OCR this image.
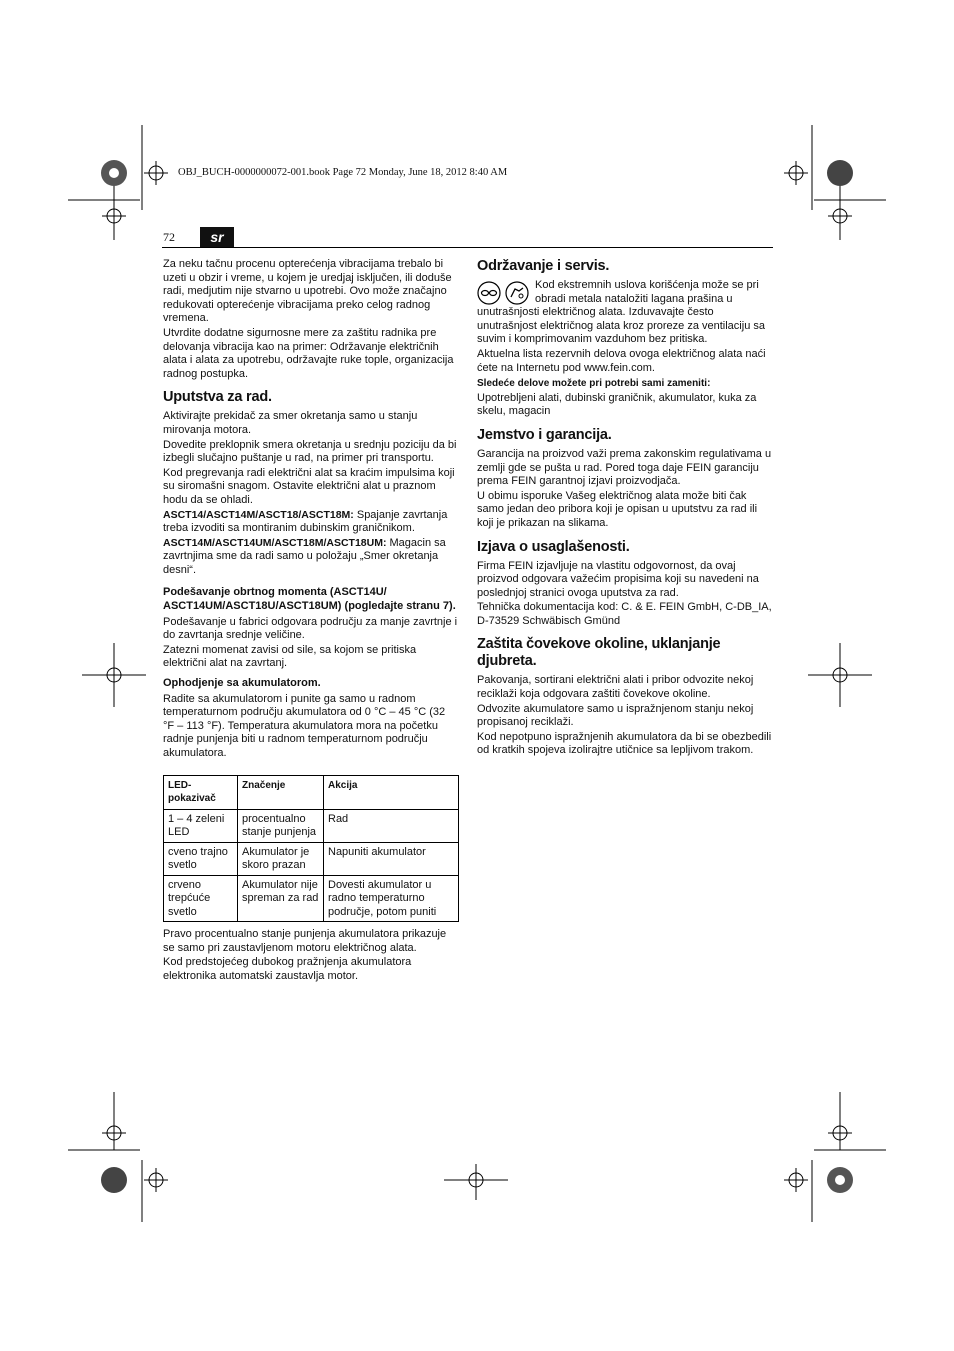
OBJ_BUCH-0000000072-001.book Page 72 Monday, June 18, 2012 8:40 AM
72	sr

Za neku tačnu procenu opterećenja vibracijama trebalo bi uzeti u obzir i vreme, u kojem je uredjaj isključen, ili doduše radi, medjutim nije stvarno u upotrebi. Ovo može značajno redukovati opterećenje vibracijama preko celog radnog vremena.

Utvrdite dodatne sigurnosne mere za zaštitu radnika pre delovanja vibracija kao na primer: Održavanje električnih alata i alata za upotrebu, održavajte ruke tople, organizacija radnog postupka.

Uputstva za rad.

Aktivirajte prekidač za smer okretanja samo u stanju mirovanja motora.

Dovedite preklopnik smera okretanja u srednju poziciju da bi izbegli slučajno puštanje u rad, na primer pri transportu.

Kod pregrevanja radi električni alat sa kraćim impulsima koji su siromašni snagom. Ostavite električni alat u praznom hodu da se ohladi.

ASCT14/ASCT14M/ASCT18/ASCT18M: Spajanje zavrtanja treba izvoditi sa montiranim dubinskim graničnikom.

ASCT14M/ASCT14UM/ASCT18M/ASCT18UM: Magacin sa zavrtnjima sme da radi samo u položaju „Smer okretanja desni“.

Podešavanje obrtnog momenta (ASCT14U/ ASCT14UM/ASCT18U/ASCT18UM) (pogledajte stranu 7).

Podešavanje u fabrici odgovara području za manje zavrtnje i do zavrtanja srednje veličine.

Zatezni momenat zavisi od sile, sa kojom se pritiska električni alat na zavrtanj.

Ophodjenje sa akumulatorom.

Radite sa akumulatorom i punite ga samo u radnom temperaturnom području akumulatora od 0 °C – 45 °C (32 °F – 113 °F). Temperatura akumulatora mora na početku radnje punjenja biti u radnom temperaturnom području akumulatora.

LED-pokazivač	Značenje	Akcija
1 – 4 zeleni LED	procentualno stanje punjenja	Rad
cveno trajno svetlo	Akumulator je skoro prazan	Napuniti akumulator
crveno trepćuće svetlo	Akumulator nije spreman za rad	Dovesti akumulator u radno temperaturno područje, potom puniti

Pravo procentualno stanje punjenja akumulatora prikazuje se samo pri zaustavljenom motoru električnog alata.

Kod predstojećeg dubokog pražnjenja akumulatora elektronika automatski zaustavlja motor.

Održavanje i servis.

Kod ekstremnih uslova korišćenja može se pri obradi metala nataložiti lagana prašina u unutrašnjosti električnog alata. Izduvavajte često unutrašnjost električnog alata kroz proreze za ventilaciju sa suvim i komprimovanim vazduhom bez pritiska.

Aktuelna lista rezervnih delova ovoga električnog alata naći ćete na Internetu pod www.fein.com.

Sledeće delove možete pri potrebi sami zameniti:

Upotrebljeni alati, dubinski graničnik, akumulator, kuka za skelu, magacin

Jemstvo i garancija.

Garancija na proizvod važi prema zakonskim regulativama u zemlji gde se pušta u rad. Pored toga daje FEIN garanciju prema FEIN garantnoj izjavi proizvodjača.

U obimu isporuke Vašeg električnog alata može biti čak samo jedan deo pribora koji je opisan u uputstvu za rad ili koji je prikazan na slikama.

Izjava o usaglašenosti.

Firma FEIN izjavljuje na vlastitu odgovornost, da ovaj proizvod odgovara važećim propisima koji su navedeni na poslednjoj stranici ovoga uputstva za rad.

Tehnička dokumentacija kod: C. & E. FEIN GmbH, C-DB_IA, D-73529 Schwäbisch Gmünd

Zaštita čovekove okoline, uklanjanje djubreta.

Pakovanja, sortirani električni alati i pribor odvozite nekoj reciklaži koja odgovara zaštiti čovekove okoline.

Odvozite akumulatore samo u ispražnjenom stanju nekoj propisanoj reciklaži.

Kod nepotpuno ispražnjenih akumulatora da bi se obezbedili od kratkih spojeva izolirajtre utičnice sa lepljivom trakom.
